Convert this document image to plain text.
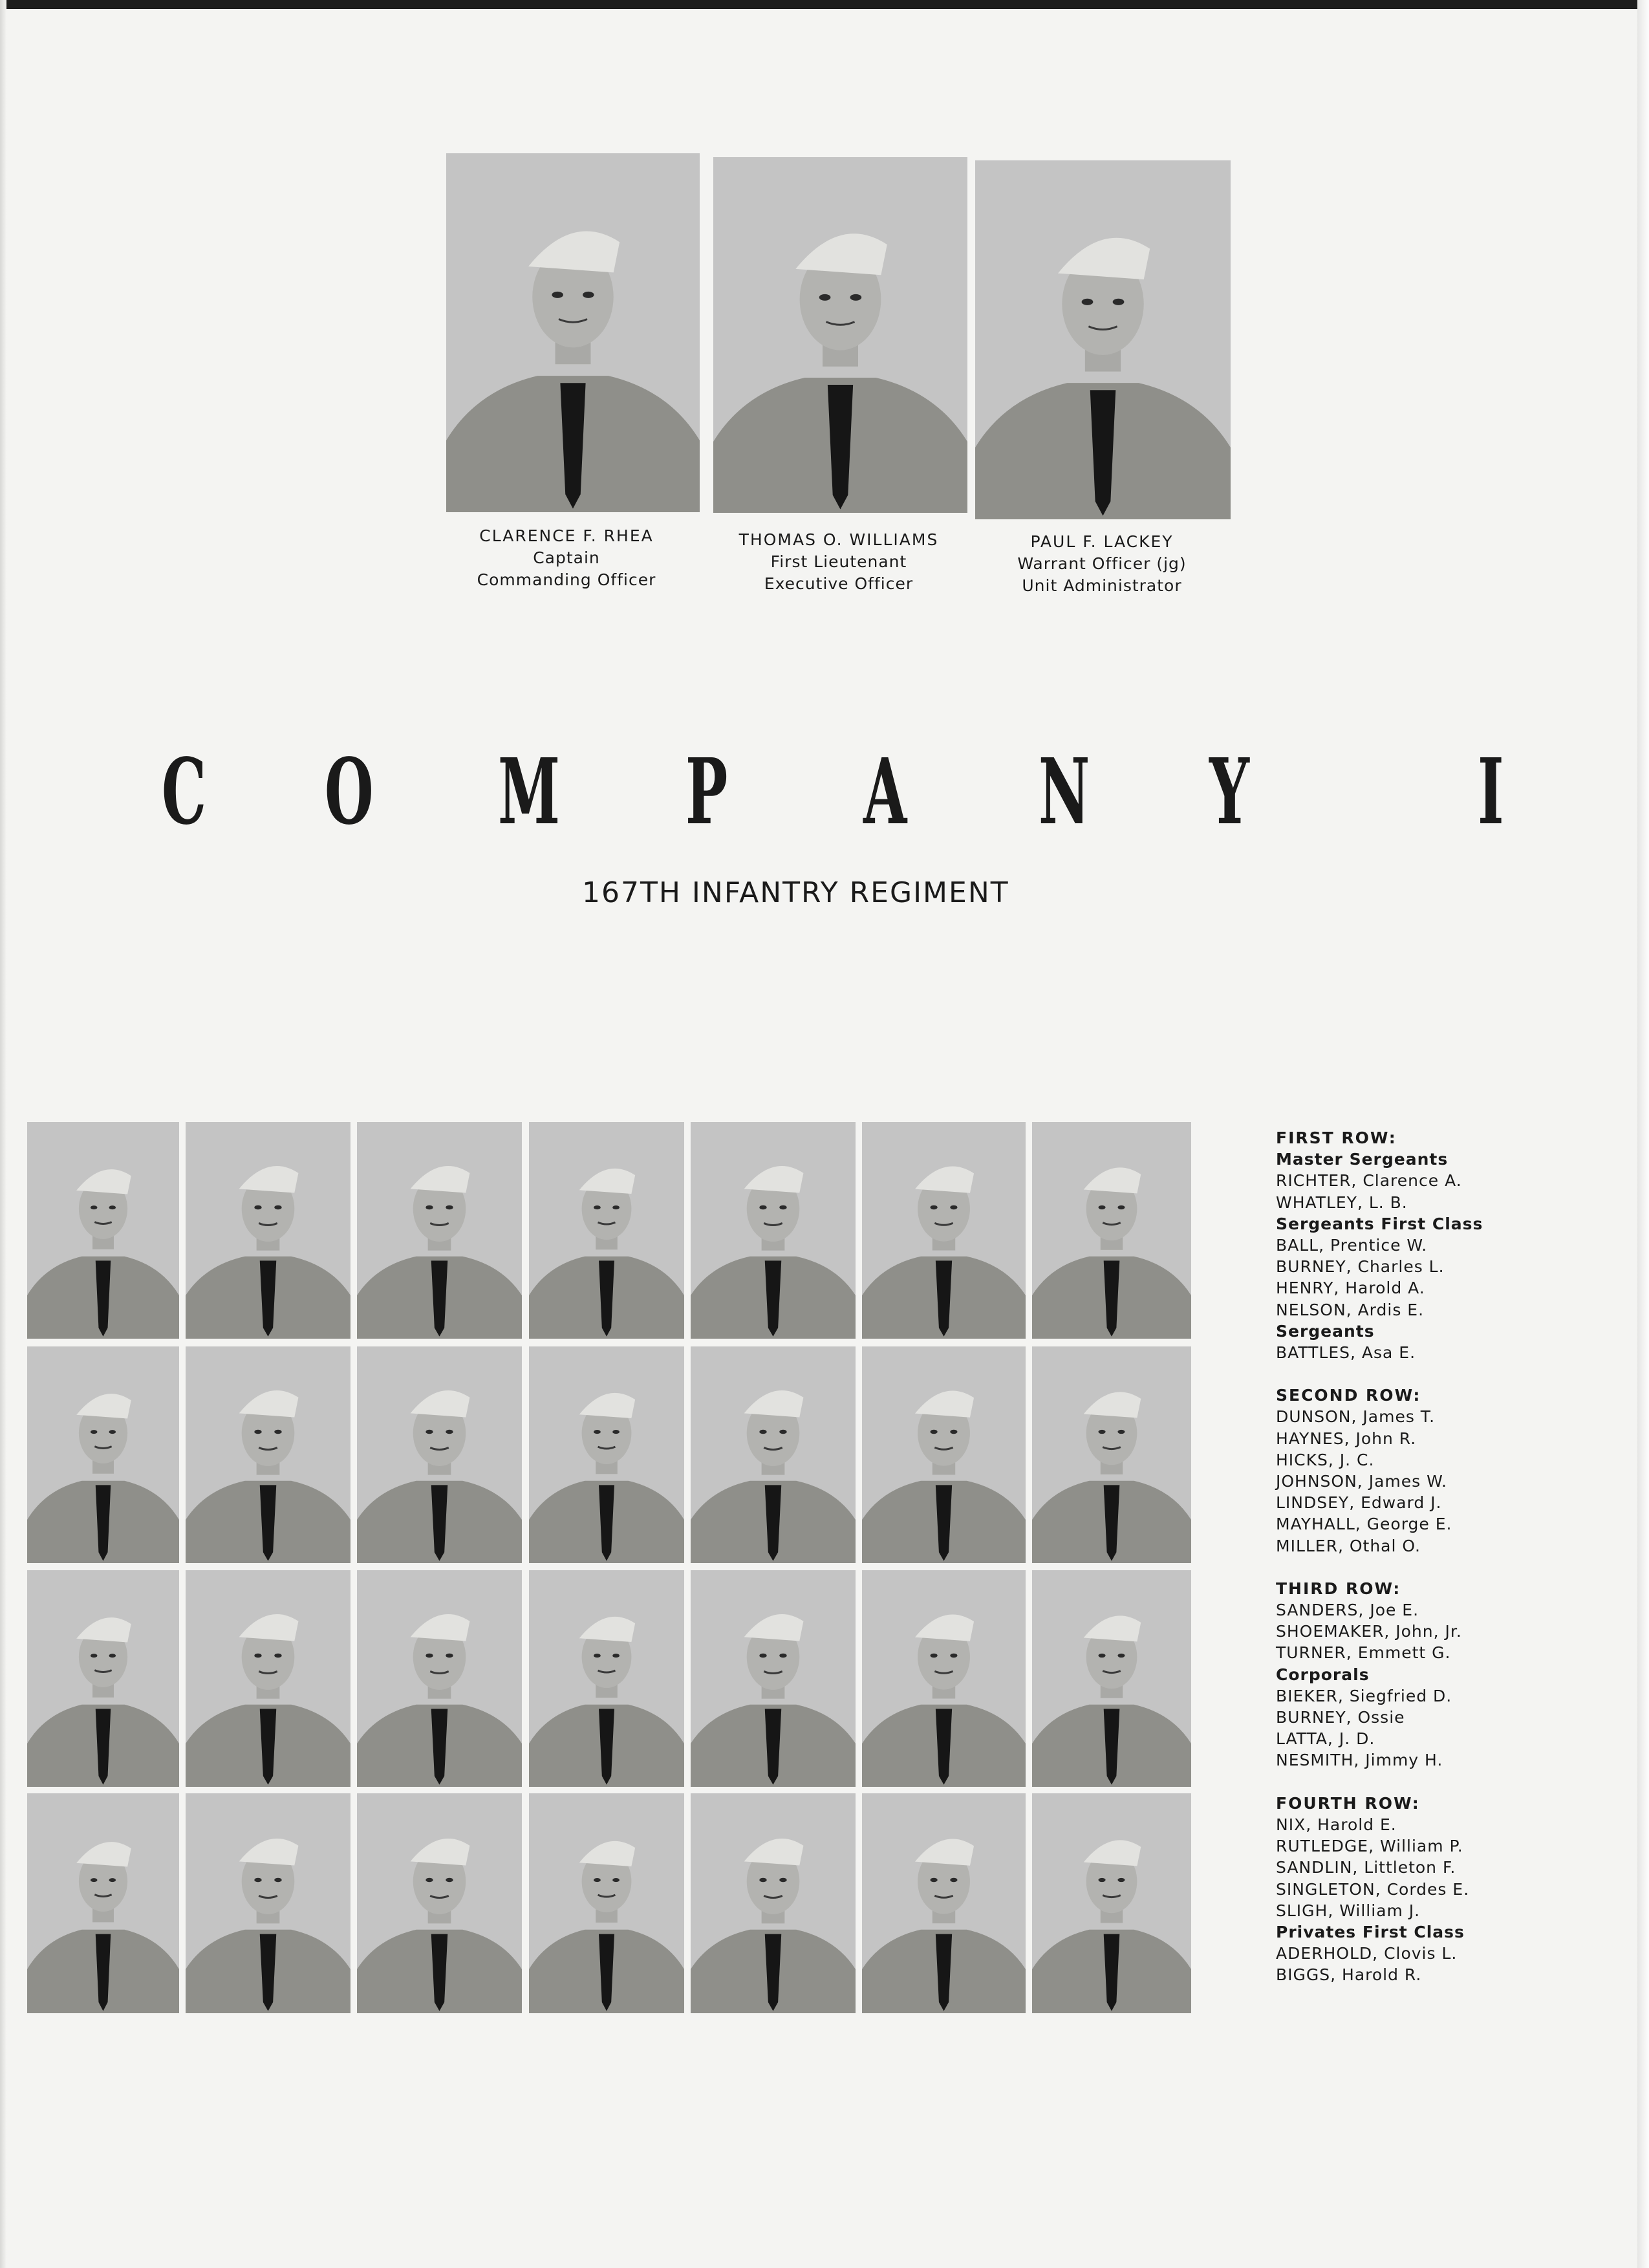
CLARENCE F. RHEA
Captain
Commanding Officer
THOMAS O. WILLIAMS
First Lieutenant
Executive Officer
PAUL F. LACKEY
Warrant Officer (jg)
Unit Administrator
C O M P A N Y	I
167TH INFANTRY REGIMENT
FIRST ROW:
Master Sergeants
RICHTER, Clarence A.
WHATLEY, L. B.
Sergeants First Class
BALL, Prentice W.
BURNEY, Charles L.
HENRY, Harold A.
NELSON, Ardis E.
Sergeants
BATTLES, Asa E.
SECOND ROW:
DUNSON, James T.
HAYNES, John R.
HICKS, J. C.
JOHNSON, James W.
LINDSEY, Edward J.
MAYHALL, George E.
MILLER, Othal O.
THIRD ROW:
SANDERS, Joe E.
SHOEMAKER, John, Jr.
TURNER, Emmett G.
Corporals
BIEKER, Siegfried D.
BURNEY, Ossie
LATTA, J. D.
NESMITH, Jimmy H.
FOURTH ROW:
NIX, Harold E.
RUTLEDGE, William P.
SANDLIN, Littleton F.
SINGLETON, Cordes E.
SLIGH, William J.
Privates First Class
ADERHOLD, Clovis L.
BIGGS, Harold R.
